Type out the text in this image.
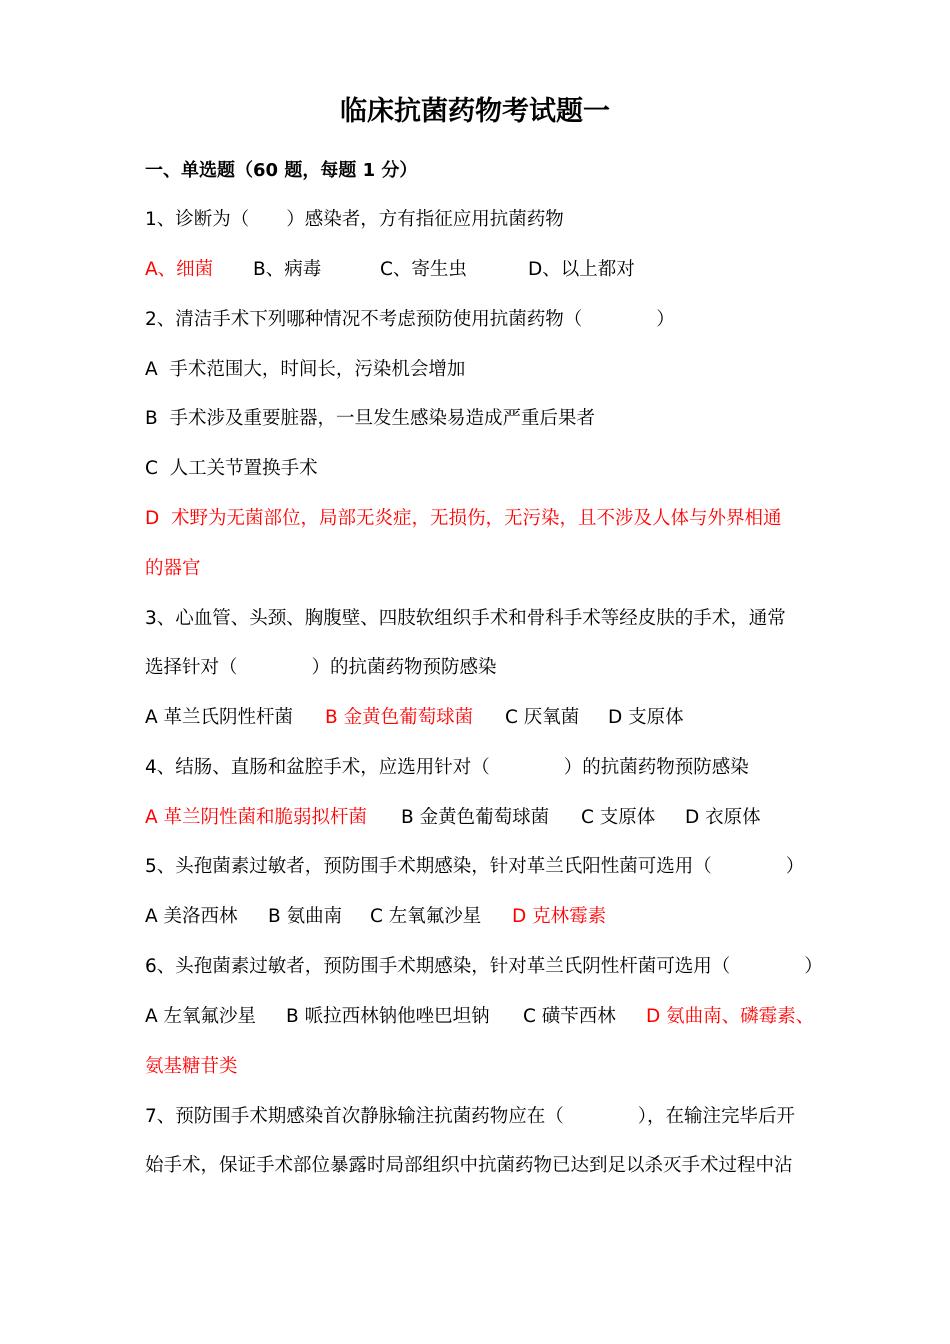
临床抗菌药物考试题一
一、单选题（60 题，每题 1 分）
1、诊断为（　　）感染者，方有指征应用抗菌药物
A、细菌 B、病毒	C、寄生虫	D、以上都对
2、清洁手术下列哪种情况不考虑预防使用抗菌药物（　　　　）
A  手术范围大，时间长，污染机会增加
B  手术涉及重要脏器，一旦发生感染易造成严重后果者
C  人工关节置换手术
D  术野为无菌部位，局部无炎症，无损伤，无污染，且不涉及人体与外界相通
的器官
3、心血管、头颈、胸腹壁、四肢软组织手术和骨科手术等经皮肤的手术，通常
选择针对（　　　　）的抗菌药物预防感染
A 革兰氏阴性杆菌 B 金黄色葡萄球菌 C 厌氧菌 D 支原体
4、结肠、直肠和盆腔手术，应选用针对（　　　　）的抗菌药物预防感染
A 革兰阴性菌和脆弱拟杆菌 B 金黄色葡萄球菌 C 支原体 D 衣原体
5、头孢菌素过敏者，预防围手术期感染，针对革兰氏阳性菌可选用（　　　　）
A 美洛西林 B 氨曲南 C 左氧氟沙星 D 克林霉素
6、头孢菌素过敏者，预防围手术期感染，针对革兰氏阴性杆菌可选用（　　　　）
A 左氧氟沙星 B 哌拉西林钠他唑巴坦钠 C 磺苄西林 D 氨曲南、磷霉素、
氨基糖苷类
7、预防围手术期感染首次静脉输注抗菌药物应在（　　　　），在输注完毕后开
始手术，保证手术部位暴露时局部组织中抗菌药物已达到足以杀灭手术过程中沾
